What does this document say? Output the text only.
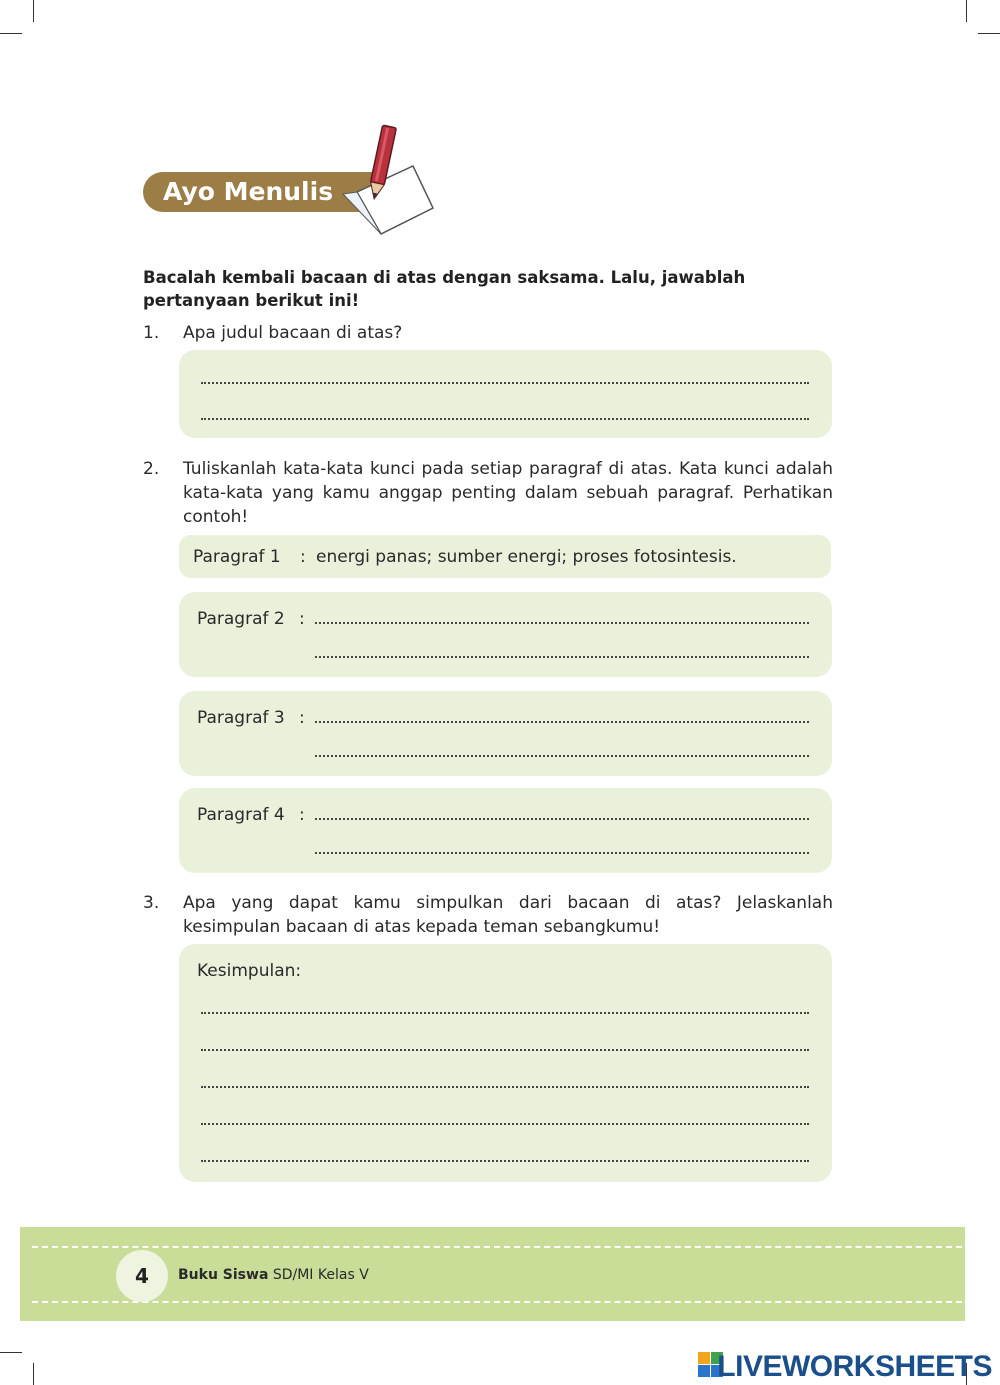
Ayo Menulis
Bacalah kembali bacaan di atas dengan saksama. Lalu, jawablah pertanyaan berikut ini!
1. Apa judul bacaan di atas?
2. Tuliskanlah kata-kata kunci pada setiap paragraf di atas. Kata kunci adalah kata-kata yang kamu anggap penting dalam sebuah paragraf. Perhatikan contoh!
Paragraf 1 : energi panas; sumber energi; proses fotosintesis.
Paragraf 2 :
Paragraf 3 :
Paragraf 4 :
3. Apa yang dapat kamu simpulkan dari bacaan di atas? Jelaskanlah kesimpulan bacaan di atas kepada teman sebangkumu!
Kesimpulan:
4	Buku Siswa SD/MI Kelas V
LIVEWORKSHEETS
